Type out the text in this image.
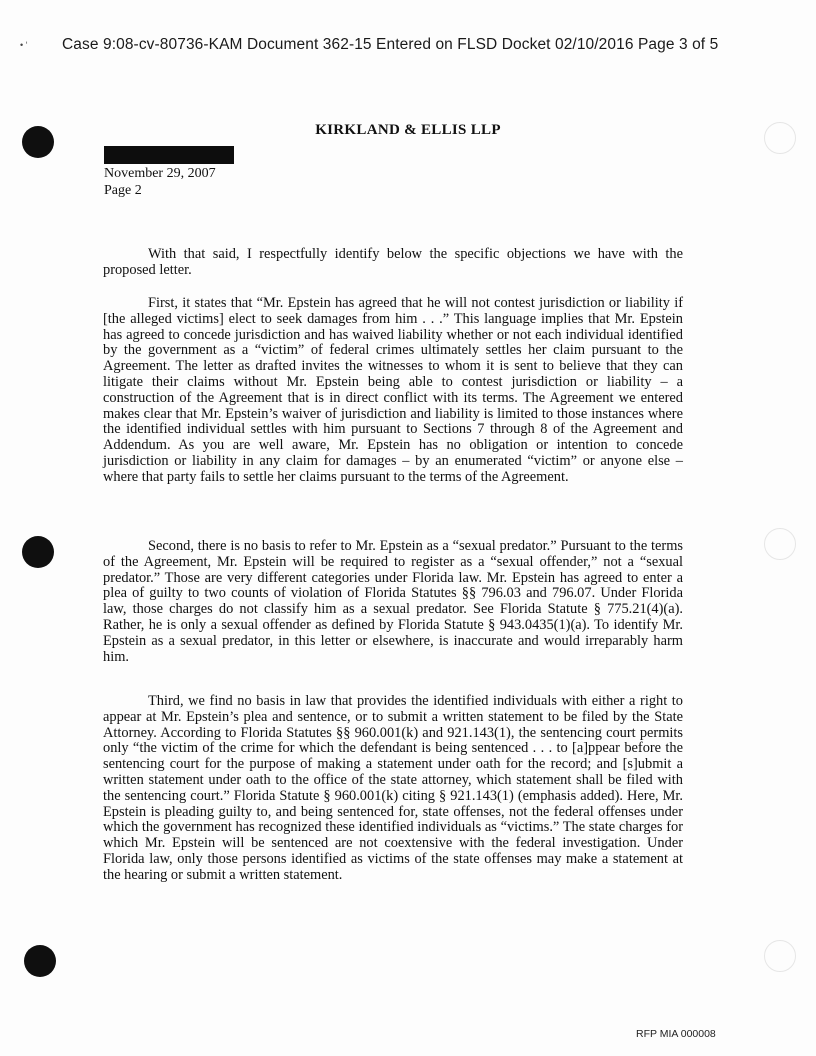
• ‘ Case 9:08-cv-80736-KAM Document 362-15 Entered on FLSD Docket 02/10/2016 Page 3 of 5
KIRKLAND & ELLIS LLP
November 29, 2007
Page 2

With that said, I respectfully identify below the specific objections we have with the proposed letter.

First, it states that “Mr. Epstein has agreed that he will not contest jurisdiction or liability if [the alleged victims] elect to seek damages from him . . .” This language implies that Mr. Epstein has agreed to concede jurisdiction and has waived liability whether or not each individual identified by the government as a “victim” of federal crimes ultimately settles her claim pursuant to the Agreement. The letter as drafted invites the witnesses to whom it is sent to believe that they can litigate their claims without Mr. Epstein being able to contest jurisdiction or liability – a construction of the Agreement that is in direct conflict with its terms. The Agreement we entered makes clear that Mr. Epstein’s waiver of jurisdiction and liability is limited to those instances where the identified individual settles with him pursuant to Sections 7 through 8 of the Agreement and Addendum. As you are well aware, Mr. Epstein has no obligation or intention to concede jurisdiction or liability in any claim for damages – by an enumerated “victim” or anyone else – where that party fails to settle her claims pursuant to the terms of the Agreement.

Second, there is no basis to refer to Mr. Epstein as a “sexual predator.” Pursuant to the terms of the Agreement, Mr. Epstein will be required to register as a “sexual offender,” not a “sexual predator.” Those are very different categories under Florida law. Mr. Epstein has agreed to enter a plea of guilty to two counts of violation of Florida Statutes §§ 796.03 and 796.07. Under Florida law, those charges do not classify him as a sexual predator. See Florida Statute § 775.21(4)(a). Rather, he is only a sexual offender as defined by Florida Statute § 943.0435(1)(a). To identify Mr. Epstein as a sexual predator, in this letter or elsewhere, is inaccurate and would irreparably harm him.

Third, we find no basis in law that provides the identified individuals with either a right to appear at Mr. Epstein’s plea and sentence, or to submit a written statement to be filed by the State Attorney. According to Florida Statutes §§ 960.001(k) and 921.143(1), the sentencing court permits only “the victim of the crime for which the defendant is being sentenced . . . to [a]ppear before the sentencing court for the purpose of making a statement under oath for the record; and [s]ubmit a written statement under oath to the office of the state attorney, which statement shall be filed with the sentencing court.” Florida Statute § 960.001(k) citing § 921.143(1) (emphasis added). Here, Mr. Epstein is pleading guilty to, and being sentenced for, state offenses, not the federal offenses under which the government has recognized these identified individuals as “victims.” The state charges for which Mr. Epstein will be sentenced are not coextensive with the federal investigation. Under Florida law, only those persons identified as victims of the state offenses may make a statement at the hearing or submit a written statement.

RFP MIA 000008
